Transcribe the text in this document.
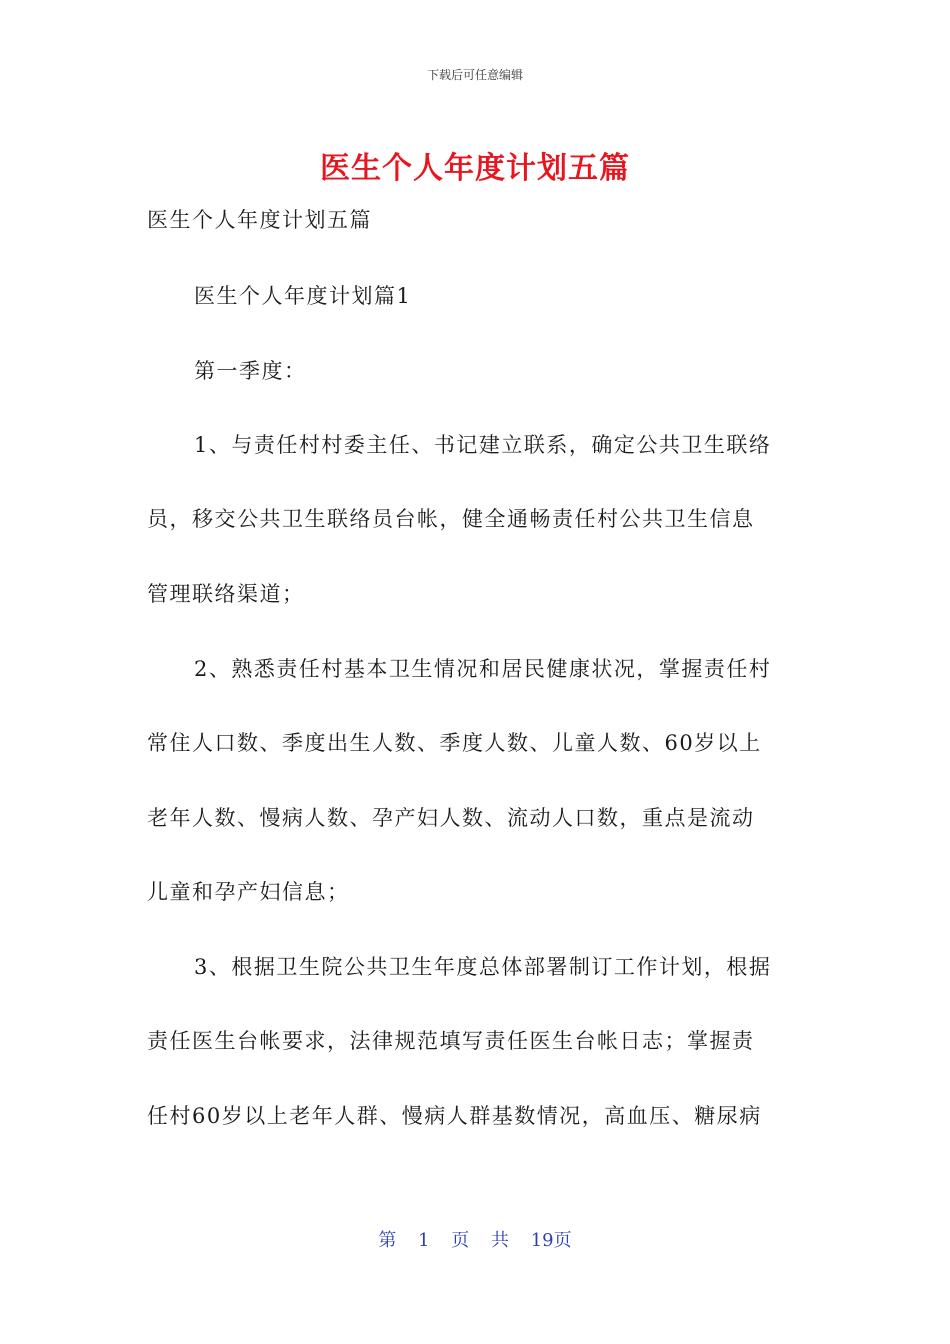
下载后可任意编辑
医生个人年度计划五篇
医生个人年度计划五篇
医生个人年度计划篇1
第一季度：
1、与责任村村委主任、书记建立联系，确定公共卫生联络
员，移交公共卫生联络员台帐，健全通畅责任村公共卫生信息
管理联络渠道；
2、熟悉责任村基本卫生情况和居民健康状况，掌握责任村
常住人口数、季度出生人数、季度人数、儿童人数、60岁以上
老年人数、慢病人数、孕产妇人数、流动人口数，重点是流动
儿童和孕产妇信息；
3、根据卫生院公共卫生年度总体部署制订工作计划，根据
责任医生台帐要求，法律规范填写责任医生台帐日志；掌握责
任村60岁以上老年人群、慢病人群基数情况，高血压、糖尿病
第 1 页 共 19页
